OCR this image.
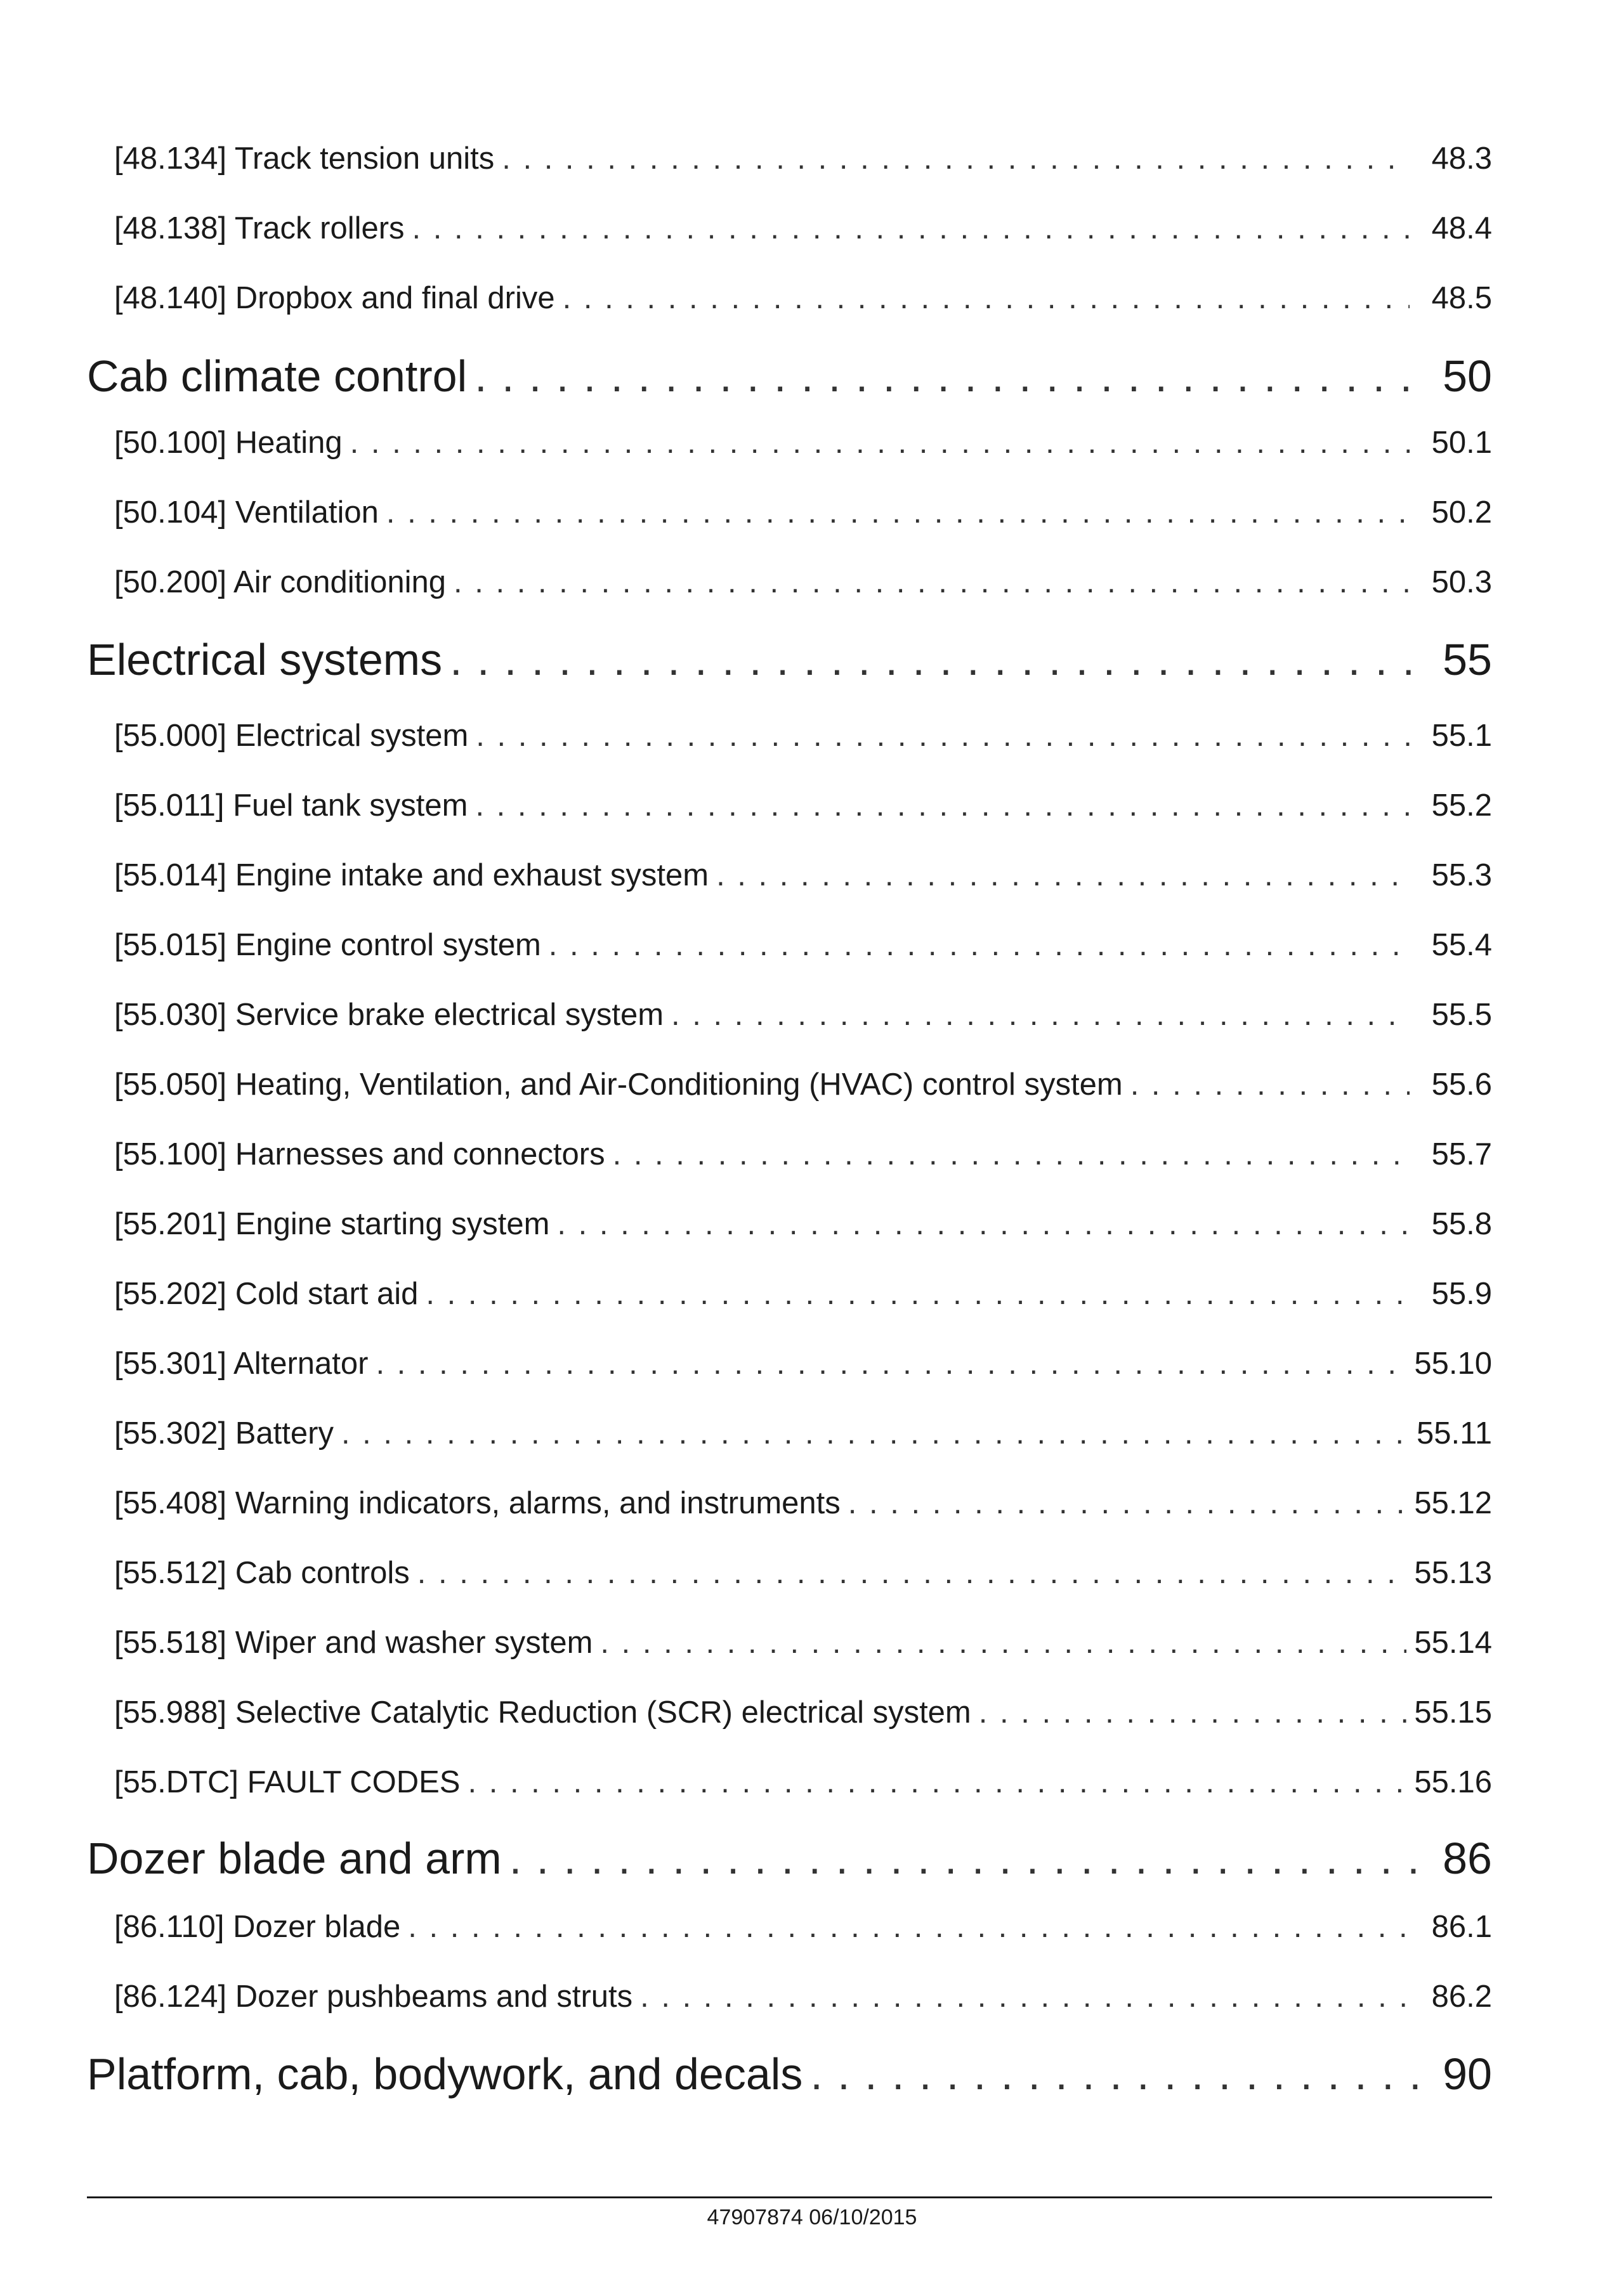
[48.134] Track tension units . . .	48.3
[48.138] Track rollers . . .	48.4
[48.140] Dropbox and final drive . . .	48.5
Cab climate control . . .	50
[50.100] Heating . . .	50.1
[50.104] Ventilation . . .	50.2
[50.200] Air conditioning . . .	50.3
Electrical systems . . .	55
[55.000] Electrical system . . .	55.1
[55.011] Fuel tank system . . .	55.2
[55.014] Engine intake and exhaust system . . .	55.3
[55.015] Engine control system . . .	55.4
[55.030] Service brake electrical system . . .	55.5
[55.050] Heating, Ventilation, and Air-Conditioning (HVAC) control system . . .	55.6
[55.100] Harnesses and connectors . . .	55.7
[55.201] Engine starting system . . .	55.8
[55.202] Cold start aid . . .	55.9
[55.301] Alternator . . .	55.10
[55.302] Battery . . .	55.11
[55.408] Warning indicators, alarms, and instruments . . .	55.12
[55.512] Cab controls . . .	55.13
[55.518] Wiper and washer system . . .	55.14
[55.988] Selective Catalytic Reduction (SCR) electrical system . . .	55.15
[55.DTC] FAULT CODES . . .	55.16
Dozer blade and arm . . .	86
[86.110] Dozer blade . . .	86.1
[86.124] Dozer pushbeams and struts . . .	86.2
Platform, cab, bodywork, and decals . . .	90
47907874 06/10/2015
